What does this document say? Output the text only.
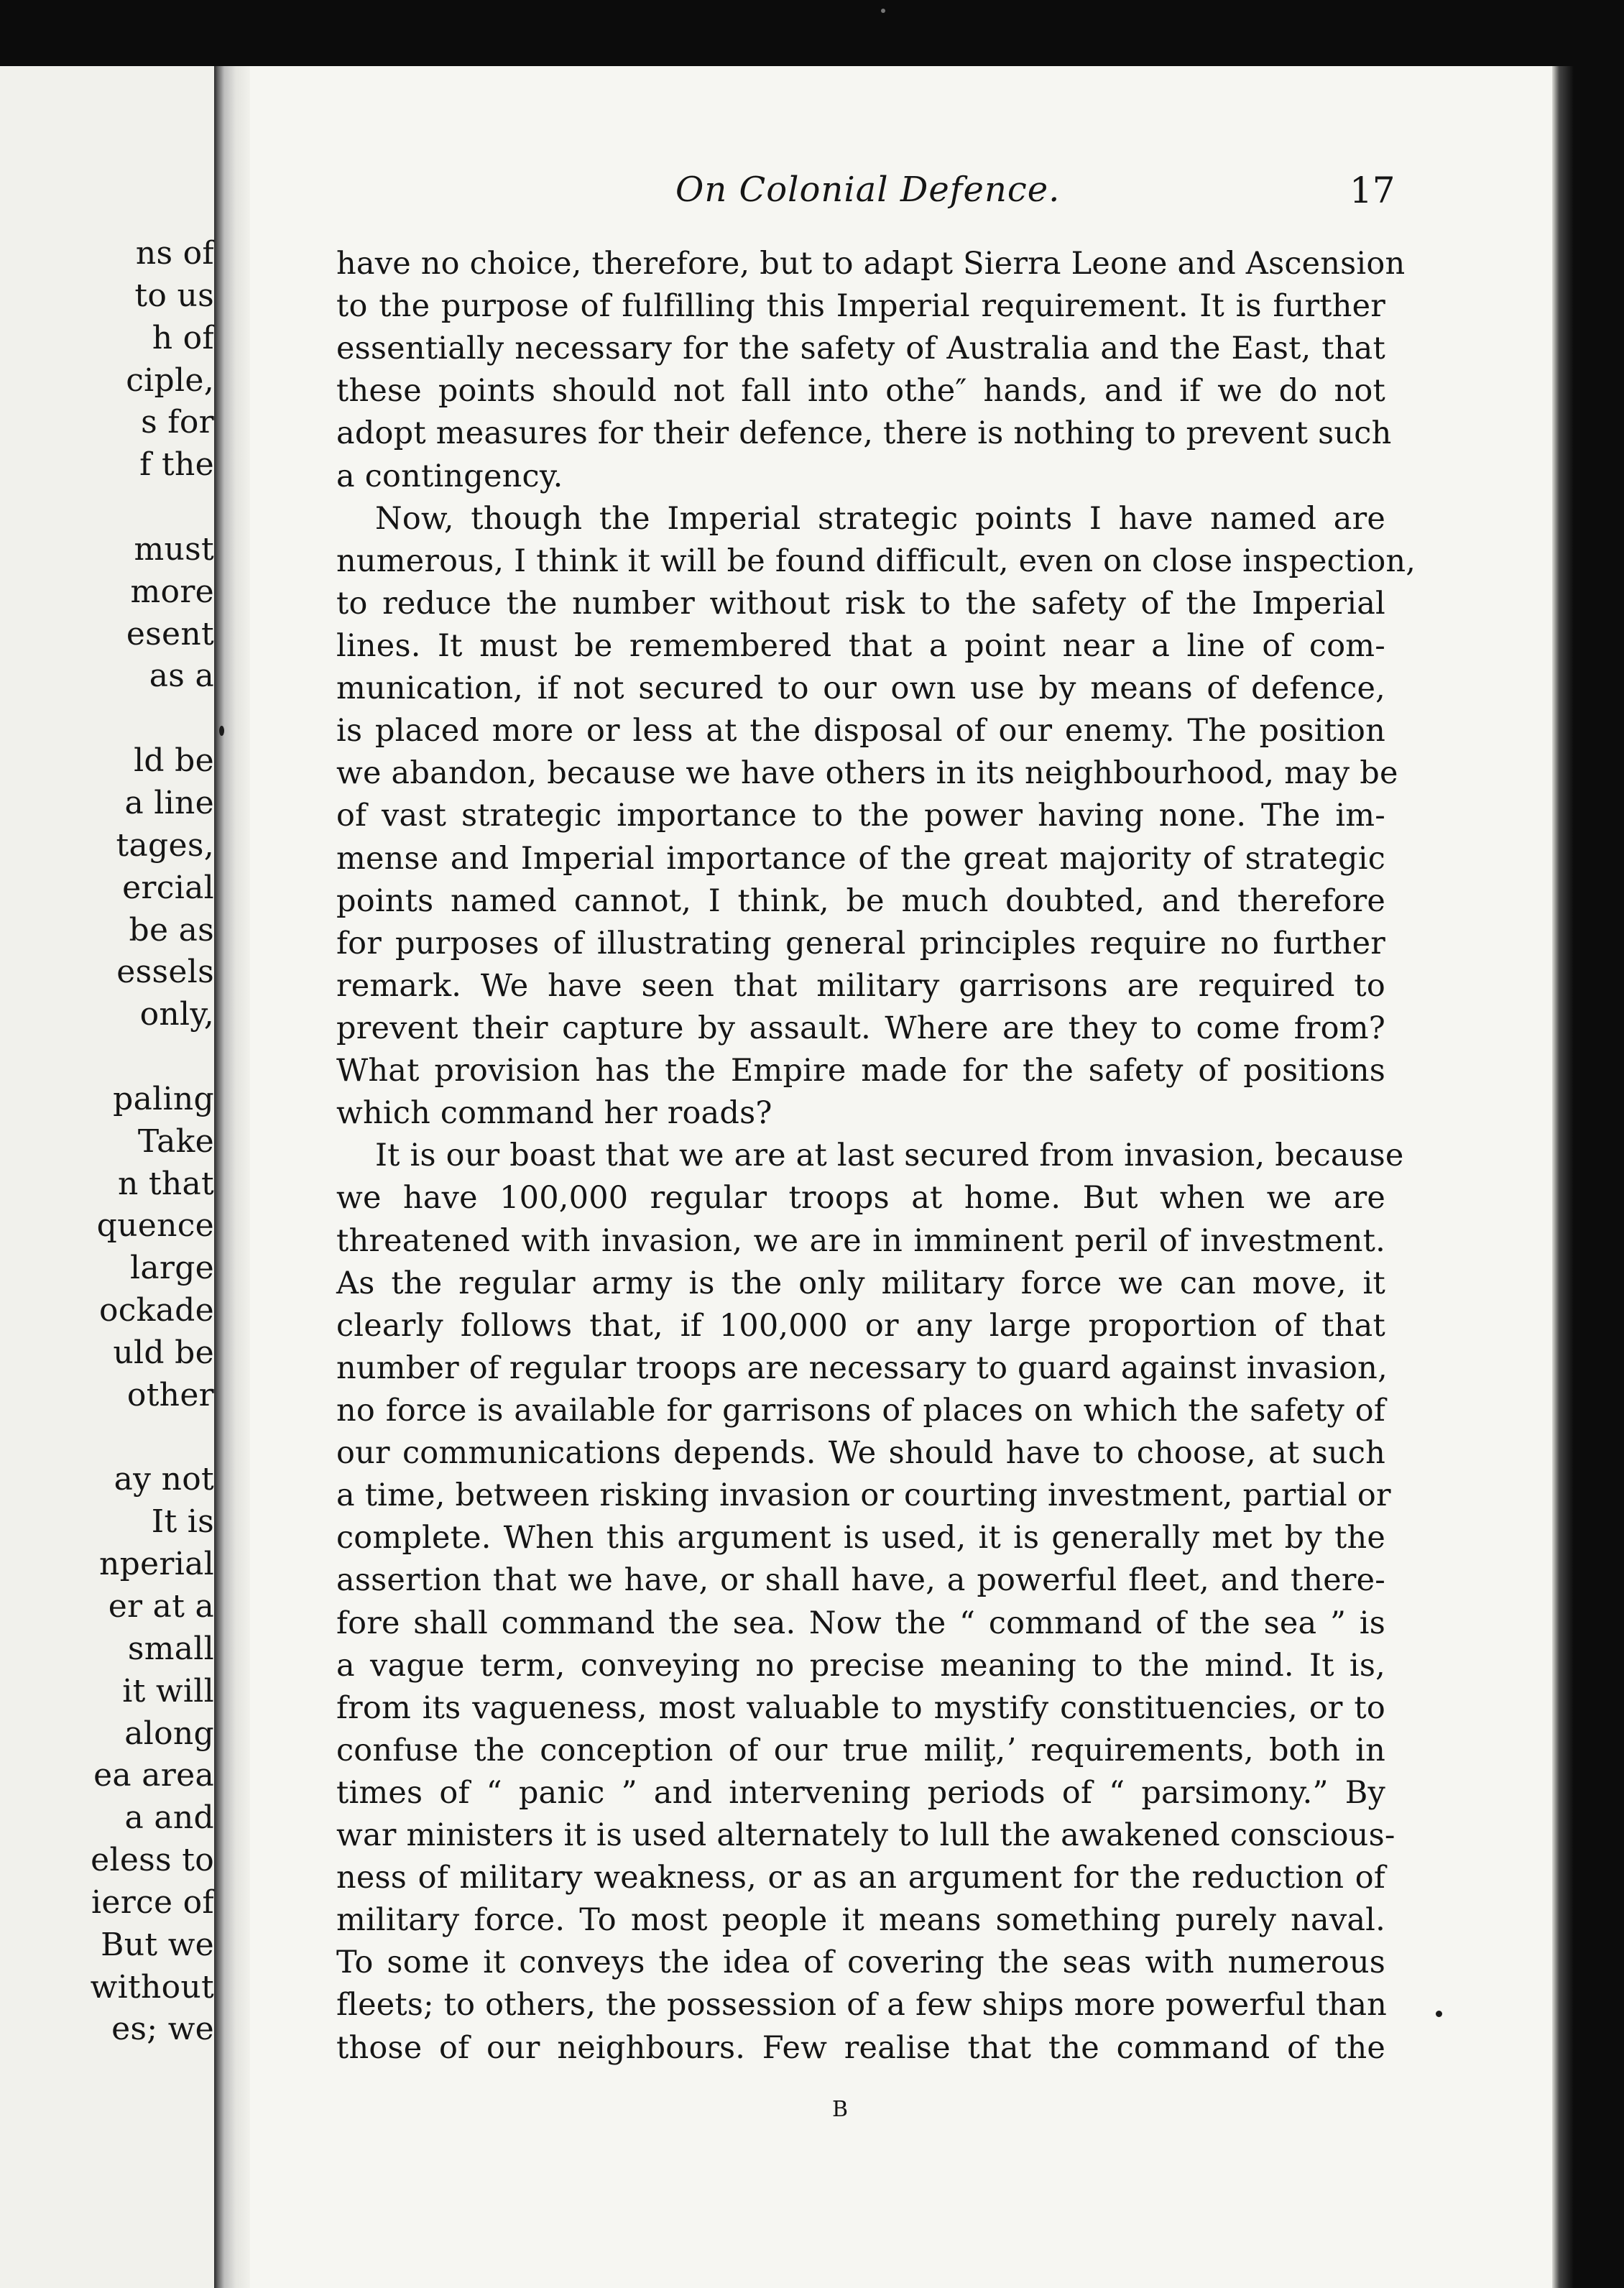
ns of
to us
h of
ciple,
s for
f the
must
more
esent
as a
ld be
a line
tages,
ercial
be as
essels
only,
paling
Take
n that
quence
large
ockade
uld be
other
ay not
It is
nperial
er at a
small
it will
along
ea area
a and
eless to
ierce of
But we
without
es; we
On Colonial Defence.	17
have no choice, therefore, but to adapt Sierra Leone and Ascension
to the purpose of fulfilling this Imperial requirement. It is further
essentially necessary for the safety of Australia and the East, that
these points should not fall into othe″ hands, and if we do not
adopt measures for their defence, there is nothing to prevent such
a contingency.
Now, though the Imperial strategic points I have named are
numerous, I think it will be found difficult, even on close inspection,
to reduce the number without risk to the safety of the Imperial
lines. It must be remembered that a point near a line of com-
munication, if not secured to our own use by means of defence,
is placed more or less at the disposal of our enemy. The position
we abandon, because we have others in its neighbourhood, may be
of vast strategic importance to the power having none. The im-
mense and Imperial importance of the great majority of strategic
points named cannot, I think, be much doubted, and therefore
for purposes of illustrating general principles require no further
remark. We have seen that military garrisons are required to
prevent their capture by assault. Where are they to come from?
What provision has the Empire made for the safety of positions
which command her roads?
It is our boast that we are at last secured from invasion, because
we have 100,000 regular troops at home. But when we are
threatened with invasion, we are in imminent peril of investment.
As the regular army is the only military force we can move, it
clearly follows that, if 100,000 or any large proportion of that
number of regular troops are necessary to guard against invasion,
no force is available for garrisons of places on which the safety of
our communications depends. We should have to choose, at such
a time, between risking invasion or courting investment, partial or
complete. When this argument is used, it is generally met by the
assertion that we have, or shall have, a powerful fleet, and there-
fore shall command the sea. Now the “ command of the sea ” is
a vague term, conveying no precise meaning to the mind. It is,
from its vagueness, most valuable to mystify constituencies, or to
confuse the conception of our true milit⁣̧,ʼ requirements, both in
times of “ panic ” and intervening periods of “ parsimony.” By
war ministers it is used alternately to lull the awakened conscious-
ness of military weakness, or as an argument for the reduction of
military force. To most people it means something purely naval.
To some it conveys the idea of covering the seas with numerous
fleets; to others, the possession of a few ships more powerful than
those of our neighbours. Few realise that the command of the
B
